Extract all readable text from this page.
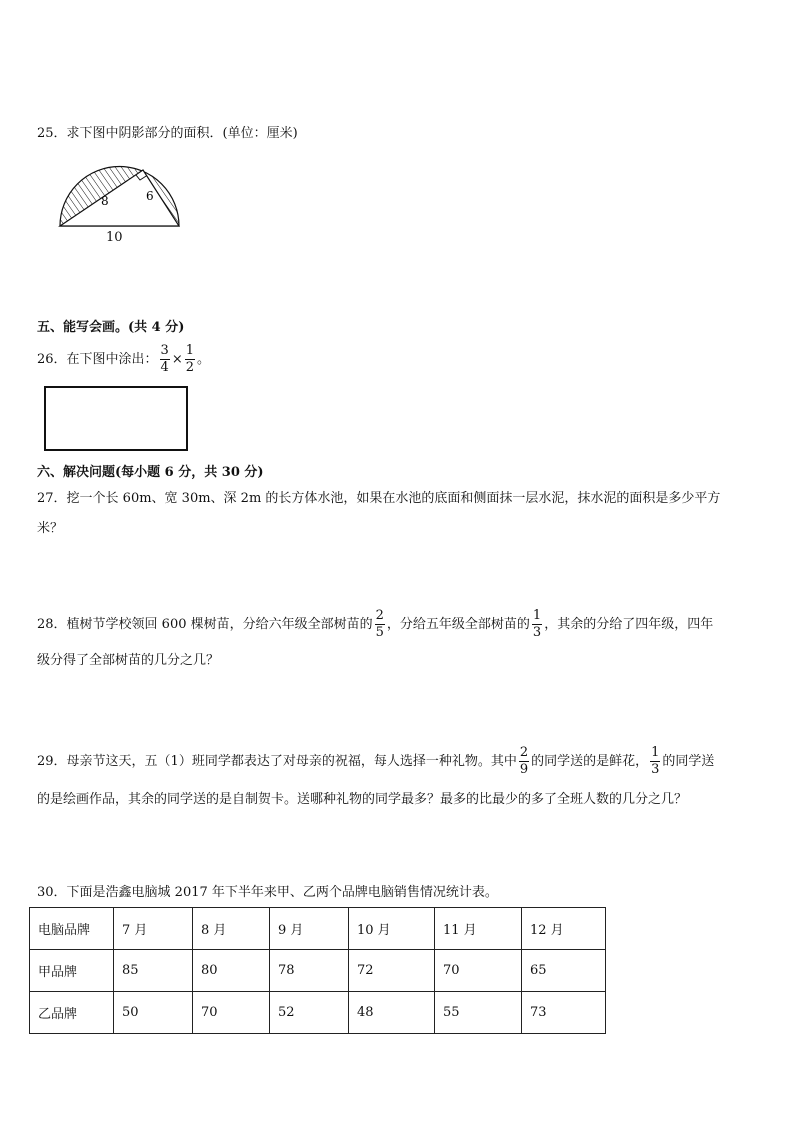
25．求下图中阴影部分的面积．(单位：厘米)
8	6
10
五、能写会画。(共 4 分)
26．在下图中涂出： $\frac{3}{4} \times \frac{1}{2}$ 。
六、解决问题(每小题 6 分，共 30 分)
27．挖一个长 60m、宽 30m、深 2m 的长方体水池，如果在水池的底面和侧面抹一层水泥，抹水泥的面积是多少平方
米？
28．植树节学校领回 600 棵树苗，分给六年级全部树苗的 $\frac{2}{5}$ ，分给五年级全部树苗的 $\frac{1}{3}$ ，其余的分给了四年级，四年
级分得了全部树苗的几分之几？
29．母亲节这天，五（1）班同学都表达了对母亲的祝福，每人选择一种礼物。其中 $\frac{2}{9}$ 的同学送的是鲜花， $\frac{1}{3}$ 的同学送
的是绘画作品，其余的同学送的是自制贺卡。送哪种礼物的同学最多？最多的比最少的多了全班人数的几分之几？
30．下面是浩鑫电脑城 2017 年下半年来甲、乙两个品牌电脑销售情况统计表。
电脑品牌	7 月	8 月	9 月	10 月	11 月	12 月
甲品牌	85	80	78	72	70	65
乙品牌	50	70	52	48	55	73
